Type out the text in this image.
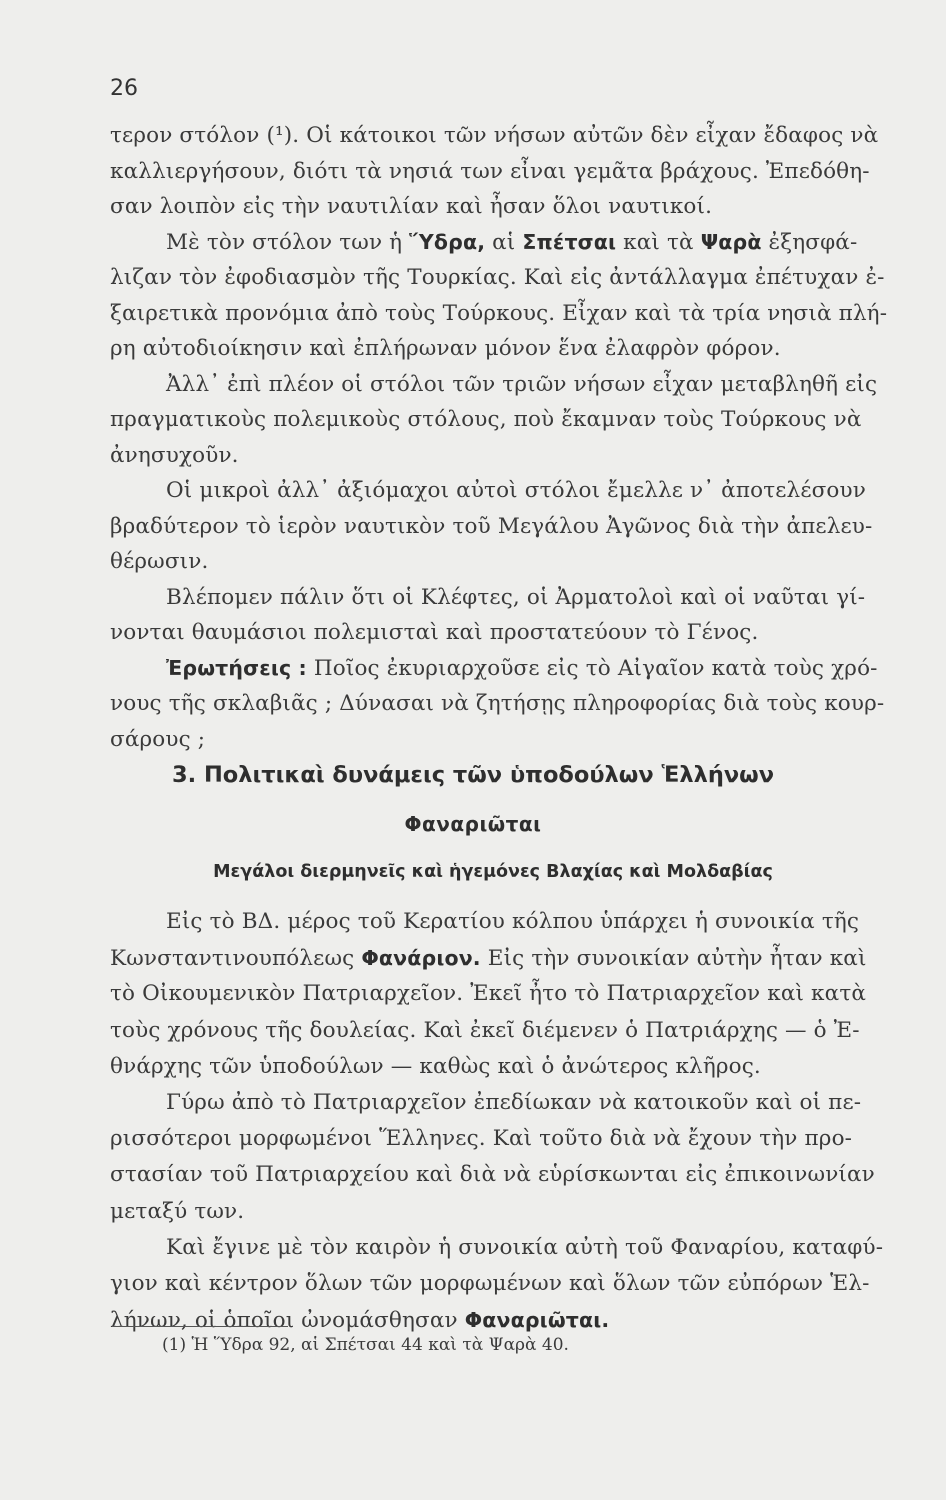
26
τερον στόλον (¹). Οἱ κάτοικοι τῶν νήσων αὐτῶν δὲν εἶχαν ἔδαφος νὰ
καλλιεργήσουν, διότι τὰ νησιά των εἶναι γεμᾶτα βράχους. Ἐπεδόθη-
σαν λοιπὸν εἰς τὴν ναυτιλίαν καὶ ἦσαν ὅλοι ναυτικοί.
Μὲ τὸν στόλον των ἡ Ὕδρα, αἱ Σπέτσαι καὶ τὰ Ψαρὰ ἐξησφά-
λιζαν τὸν ἐφοδιασμὸν τῆς Τουρκίας. Καὶ εἰς ἀντάλλαγμα ἐπέτυχαν ἐ-
ξαιρετικὰ προνόμια ἀπὸ τοὺς Τούρκους. Εἶχαν καὶ τὰ τρία νησιὰ πλή-
ρη αὐτοδιοίκησιν καὶ ἐπλήρωναν μόνον ἕνα ἐλαφρὸν φόρον.
Ἀλλ᾿ ἐπὶ πλέον οἱ στόλοι τῶν τριῶν νήσων εἶχαν μεταβληθῆ εἰς
πραγματικοὺς πολεμικοὺς στόλους, ποὺ ἔκαμναν τοὺς Τούρκους νὰ
ἀνησυχοῦν.
Οἱ μικροὶ ἀλλ᾿ ἀξιόμαχοι αὐτοὶ στόλοι ἔμελλε ν᾿ ἀποτελέσουν
βραδύτερον τὸ ἱερὸν ναυτικὸν τοῦ Μεγάλου Ἀγῶνος διὰ τὴν ἀπελευ-
θέρωσιν.
Βλέπομεν πάλιν ὅτι οἱ Κλέφτες, οἱ Ἀρματολοὶ καὶ οἱ ναῦται γί-
νονται θαυμάσιοι πολεμισταὶ καὶ προστατεύουν τὸ Γένος.
Ἐρωτήσεις : Ποῖος ἐκυριαρχοῦσε εἰς τὸ Αἰγαῖον κατὰ τοὺς χρό-
νους τῆς σκλαβιᾶς ; Δύνασαι νὰ ζητήσῃς πληροφορίας διὰ τοὺς κουρ-
σάρους ;
3. Πολιτικαὶ δυνάμεις τῶν ὑποδούλων Ἑλλήνων
Φαναριῶται
Μεγάλοι διερμηνεῖς καὶ ἡγεμόνες Βλαχίας καὶ Μολδαβίας
Εἰς τὸ ΒΔ. μέρος τοῦ Κερατίου κόλπου ὑπάρχει ἡ συνοικία τῆς
Κωνσταντινουπόλεως Φανάριον. Εἰς τὴν συνοικίαν αὐτὴν ἦταν καὶ
τὸ Οἰκουμενικὸν Πατριαρχεῖον. Ἐκεῖ ἦτο τὸ Πατριαρχεῖον καὶ κατὰ
τοὺς χρόνους τῆς δουλείας. Καὶ ἐκεῖ διέμενεν ὁ Πατριάρχης — ὁ Ἐ-
θνάρχης τῶν ὑποδούλων — καθὼς καὶ ὁ ἀνώτερος κλῆρος.
Γύρω ἀπὸ τὸ Πατριαρχεῖον ἐπεδίωκαν νὰ κατοικοῦν καὶ οἱ πε-
ρισσότεροι μορφωμένοι Ἕλληνες. Καὶ τοῦτο διὰ νὰ ἔχουν τὴν προ-
στασίαν τοῦ Πατριαρχείου καὶ διὰ νὰ εὑρίσκωνται εἰς ἐπικοινωνίαν
μεταξύ των.
Καὶ ἔγινε μὲ τὸν καιρὸν ἡ συνοικία αὐτὴ τοῦ Φαναρίου, καταφύ-
γιον καὶ κέντρον ὅλων τῶν μορφωμένων καὶ ὅλων τῶν εὐπόρων Ἑλ-
λήνων, οἱ ὁποῖοι ὠνομάσθησαν Φαναριῶται.
(1) Ἡ Ὕδρα 92, αἱ Σπέτσαι 44 καὶ τὰ Ψαρὰ 40.
